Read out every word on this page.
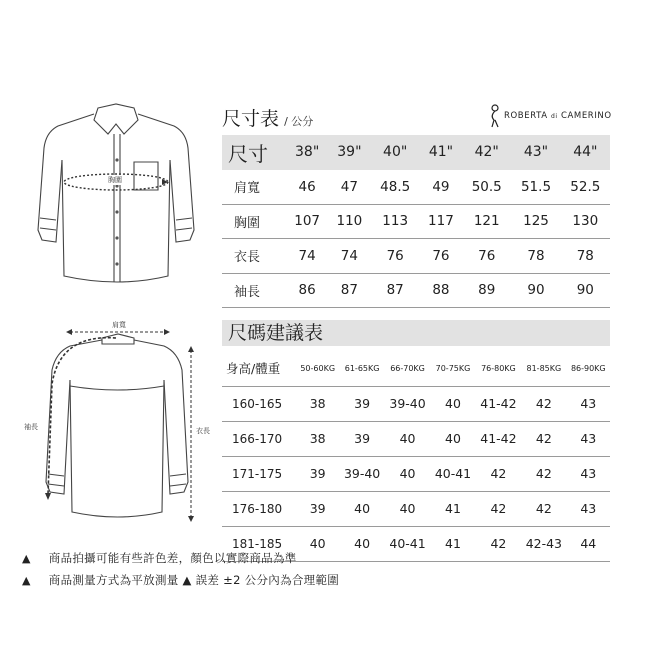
胸圍
肩寬
袖長	衣長
尺寸表 / 公分	ROBERTA di CAMERINO
尺寸	38"	39"	40"	41"	42"	43"	44"
肩寬	46	47	48.5	49	50.5	51.5	52.5
胸圍	107	110	113	117	121	125	130
衣長	74	74	76	76	76	78	78
袖長	86	87	87	88	89	90	90
尺碼建議表
身高/體重	50-60KG	61-65KG	66-70KG	70-75KG	76-80KG	81-85KG	86-90KG
160-165	38	39	39-40	40	41-42	42	43
166-170	38	39	40	40	41-42	42	43
171-175	39	39-40	40	40-41	42	42	43
176-180	39	40	40	41	42	42	43
181-185	40	40	40-41	41	42	42-43	44
▲ 商品拍攝可能有些許色差，顏色以實際商品為準
▲ 商品測量方式為平放測量 ▲ 誤差 ±2 公分內為合理範圍
